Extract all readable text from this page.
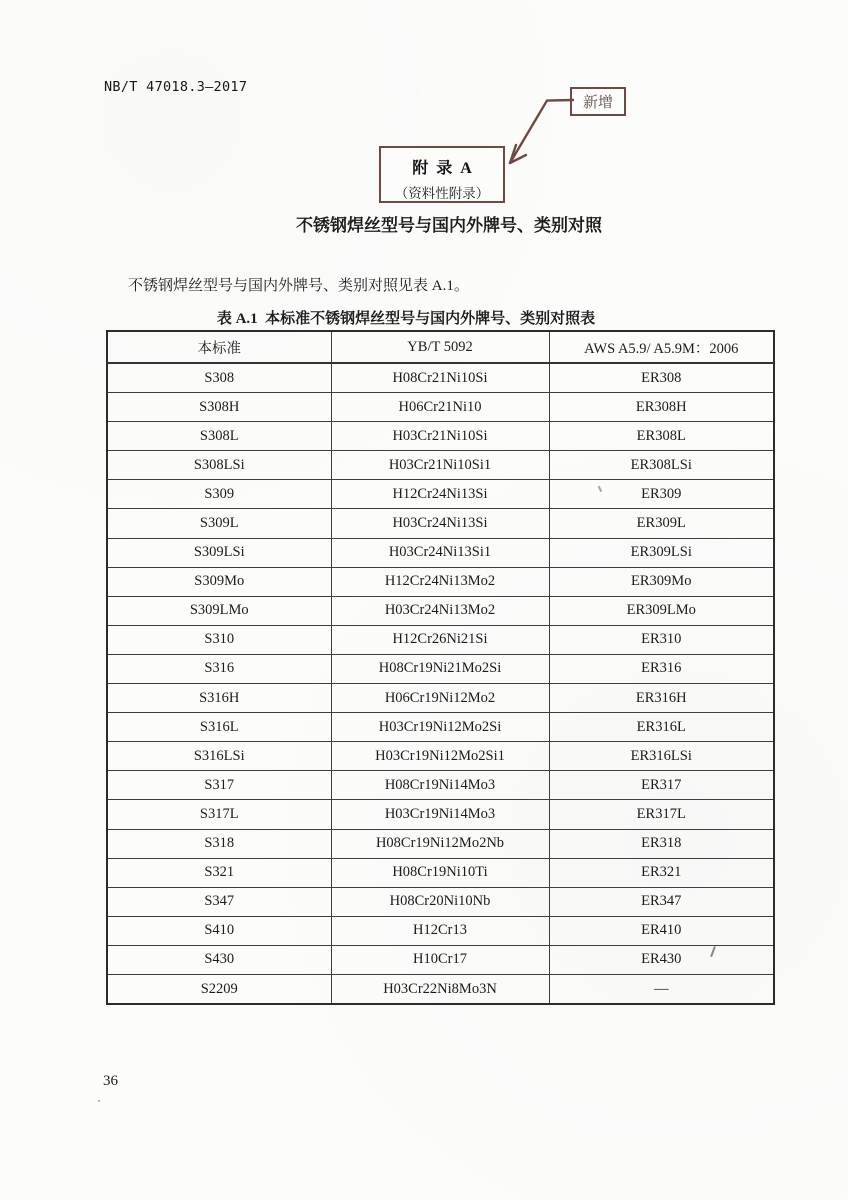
NB/T 47018.3—2017
新增
附  录  A
（资料性附录）
不锈钢焊丝型号与国内外牌号、类别对照
不锈钢焊丝型号与国内外牌号、类别对照见表 A.1。
表 A.1  本标准不锈钢焊丝型号与国内外牌号、类别对照表
本标准	YB/T 5092	AWS A5.9/ A5.9M：2006
S308	H08Cr21Ni10Si	ER308
S308H	H06Cr21Ni10	ER308H
S308L	H03Cr21Ni10Si	ER308L
S308LSi	H03Cr21Ni10Si1	ER308LSi
S309	H12Cr24Ni13Si	ER309
S309L	H03Cr24Ni13Si	ER309L
S309LSi	H03Cr24Ni13Si1	ER309LSi
S309Mo	H12Cr24Ni13Mo2	ER309Mo
S309LMo	H03Cr24Ni13Mo2	ER309LMo
S310	H12Cr26Ni21Si	ER310
S316	H08Cr19Ni21Mo2Si	ER316
S316H	H06Cr19Ni12Mo2	ER316H
S316L	H03Cr19Ni12Mo2Si	ER316L
S316LSi	H03Cr19Ni12Mo2Si1	ER316LSi
S317	H08Cr19Ni14Mo3	ER317
S317L	H03Cr19Ni14Mo3	ER317L
S318	H08Cr19Ni12Mo2Nb	ER318
S321	H08Cr19Ni10Ti	ER321
S347	H08Cr20Ni10Nb	ER347
S410	H12Cr13	ER410
S430	H10Cr17	ER430
S2209	H03Cr22Ni8Mo3N	—
36
